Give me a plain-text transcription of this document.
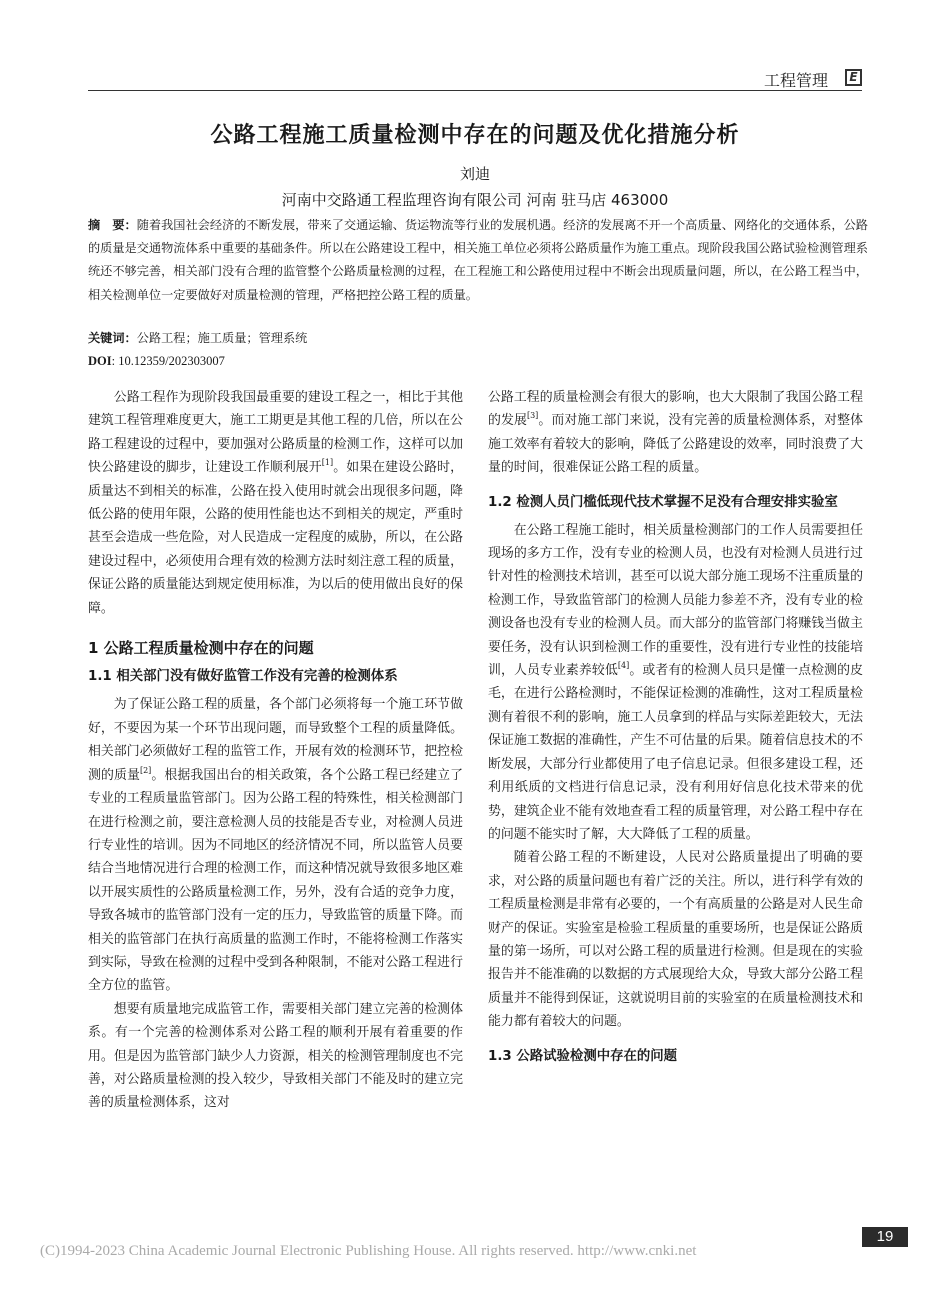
工程管理	E
公路工程施工质量检测中存在的问题及优化措施分析
刘迪
河南中交路通工程监理咨询有限公司 河南 驻马店 463000
摘　要：随着我国社会经济的不断发展，带来了交通运输、货运物流等行业的发展机遇。经济的发展离不开一个高质量、网络化的交通体系，公路的质量是交通物流体系中重要的基础条件。所以在公路建设工程中，相关施工单位必须将公路质量作为施工重点。现阶段我国公路试验检测管理系统还不够完善，相关部门没有合理的监管整个公路质量检测的过程，在工程施工和公路使用过程中不断会出现质量问题，所以，在公路工程当中，相关检测单位一定要做好对质量检测的管理，严格把控公路工程的质量。
关键词：公路工程；施工质量；管理系统
DOI: 10.12359/202303007

公路工程作为现阶段我国最重要的建设工程之一，相比于其他建筑工程管理难度更大，施工工期更是其他工程的几倍，所以在公路工程建设的过程中，要加强对公路质量的检测工作，这样可以加快公路建设的脚步，让建设工作顺利展开[1]。如果在建设公路时，质量达不到相关的标准，公路在投入使用时就会出现很多问题，降低公路的使用年限，公路的使用性能也达不到相关的规定，严重时甚至会造成一些危险，对人民造成一定程度的威胁，所以，在公路建设过程中，必须使用合理有效的检测方法时刻注意工程的质量，保证公路的质量能达到规定使用标准，为以后的使用做出良好的保障。

1 公路工程质量检测中存在的问题
1.1 相关部门没有做好监管工作没有完善的检测体系

为了保证公路工程的质量，各个部门必须将每一个施工环节做好，不要因为某一个环节出现问题，而导致整个工程的质量降低。相关部门必须做好工程的监管工作，开展有效的检测环节，把控检测的质量[2]。根据我国出台的相关政策，各个公路工程已经建立了专业的工程质量监管部门。因为公路工程的特殊性，相关检测部门在进行检测之前，要注意检测人员的技能是否专业，对检测人员进行专业性的培训。因为不同地区的经济情况不同，所以监管人员要结合当地情况进行合理的检测工作，而这种情况就导致很多地区难以开展实质性的公路质量检测工作，另外，没有合适的竞争力度，导致各城市的监管部门没有一定的压力，导致监管的质量下降。而相关的监管部门在执行高质量的监测工作时，不能将检测工作落实到实际，导致在检测的过程中受到各种限制，不能对公路工程进行全方位的监管。

想要有质量地完成监管工作，需要相关部门建立完善的检测体系。有一个完善的检测体系对公路工程的顺利开展有着重要的作用。但是因为监管部门缺少人力资源，相关的检测管理制度也不完善，对公路质量检测的投入较少，导致相关部门不能及时的建立完善的质量检测体系，这对

公路工程的质量检测会有很大的影响，也大大限制了我国公路工程的发展[3]。而对施工部门来说，没有完善的质量检测体系，对整体施工效率有着较大的影响，降低了公路建设的效率，同时浪费了大量的时间，很难保证公路工程的质量。

1.2 检测人员门槛低现代技术掌握不足没有合理安排实验室

在公路工程施工能时，相关质量检测部门的工作人员需要担任现场的多方工作，没有专业的检测人员，也没有对检测人员进行过针对性的检测技术培训，甚至可以说大部分施工现场不注重质量的检测工作，导致监管部门的检测人员能力参差不齐，没有专业的检测设备也没有专业的检测人员。而大部分的监管部门将赚钱当做主要任务，没有认识到检测工作的重要性，没有进行专业性的技能培训，人员专业素养较低[4]。或者有的检测人员只是懂一点检测的皮毛，在进行公路检测时，不能保证检测的准确性，这对工程质量检测有着很不利的影响，施工人员拿到的样品与实际差距较大，无法保证施工数据的准确性，产生不可估量的后果。随着信息技术的不断发展，大部分行业都使用了电子信息记录。但很多建设工程，还利用纸质的文档进行信息记录，没有利用好信息化技术带来的优势，建筑企业不能有效地查看工程的质量管理，对公路工程中存在的问题不能实时了解，大大降低了工程的质量。

随着公路工程的不断建设，人民对公路质量提出了明确的要求，对公路的质量问题也有着广泛的关注。所以，进行科学有效的工程质量检测是非常有必要的，一个有高质量的公路是对人民生命财产的保证。实验室是检验工程质量的重要场所，也是保证公路质量的第一场所，可以对公路工程的质量进行检测。但是现在的实验报告并不能准确的以数据的方式展现给大众，导致大部分公路工程质量并不能得到保证，这就说明目前的实验室的在质量检测技术和能力都有着较大的问题。

1.3 公路试验检测中存在的问题
19
(C)1994-2023 China Academic Journal Electronic Publishing House. All rights reserved. http://www.cnki.net
